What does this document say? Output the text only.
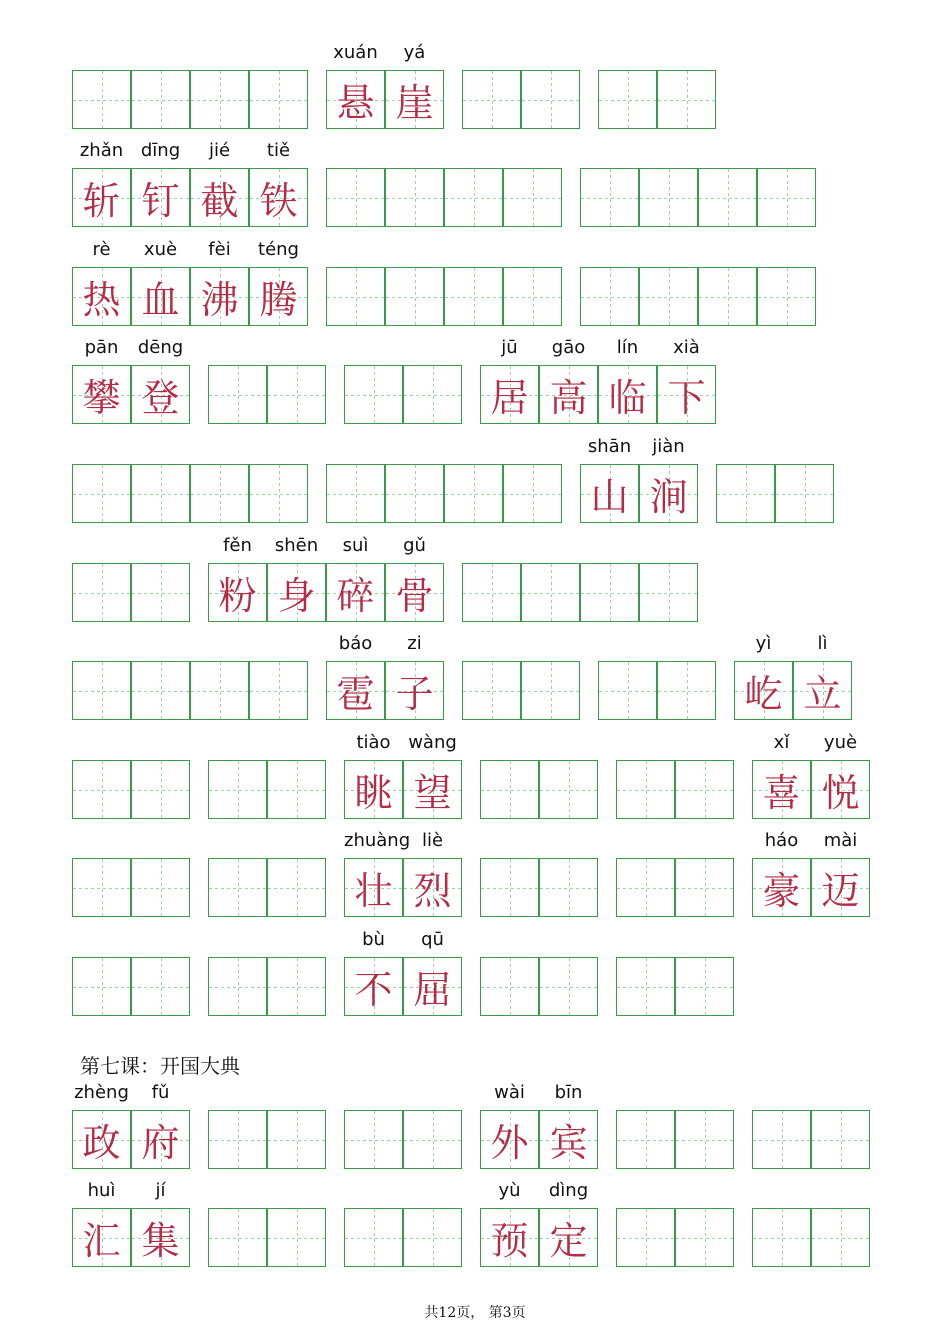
xuán
悬
yá
崖
zhǎn
斩
dīng
钉
jié
截
tiě
铁
rè
热
xuè
血
fèi
沸
téng
腾
pān
攀
dēng
登
jū
居
gāo
高
lín
临
xià
下
shān
山
jiàn
涧
fěn
粉
shēn
身
suì
碎
gǔ
骨
báo
雹
zi
子
yì
屹
lì
立
tiào
眺
wàng
望
xǐ
喜
yuè
悦
zhuàng
壮
liè
烈
háo
豪
mài
迈
bù
不
qū
屈
zhèng
政
fǔ
府
wài
外
bīn
宾
huì
汇
jí
集
yù
预
dìng
定
第七课：开国大典
共12页， 第3页
